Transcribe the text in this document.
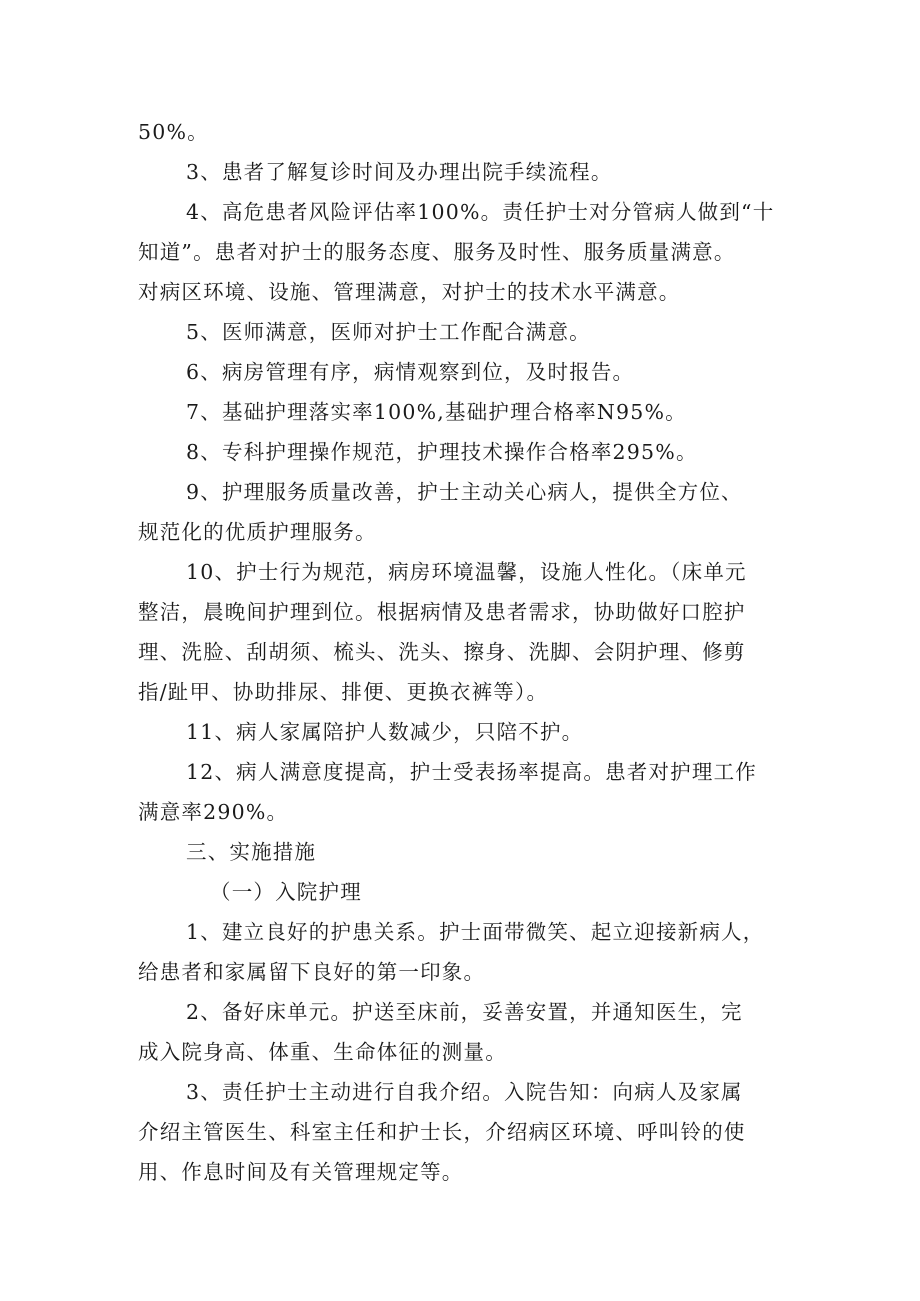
50%。
3、患者了解复诊时间及办理出院手续流程。
4、高危患者风险评估率100%。责任护士对分管病人做到“十
知道”。患者对护士的服务态度、服务及时性、服务质量满意。
对病区环境、设施、管理满意，对护士的技术水平满意。
5、医师满意，医师对护士工作配合满意。
6、病房管理有序，病情观察到位，及时报告。
7、基础护理落实率100%,基础护理合格率N95%。
8、专科护理操作规范，护理技术操作合格率295%。
9、护理服务质量改善，护士主动关心病人，提供全方位、
规范化的优质护理服务。
10、护士行为规范，病房环境温馨，设施人性化。（床单元
整洁，晨晚间护理到位。根据病情及患者需求，协助做好口腔护
理、洗脸、刮胡须、梳头、洗头、擦身、洗脚、会阴护理、修剪
指/趾甲、协助排尿、排便、更换衣裤等）。
11、病人家属陪护人数减少，只陪不护。
12、病人满意度提高，护士受表扬率提高。患者对护理工作
满意率290%。
三、实施措施
（一）入院护理
1、建立良好的护患关系。护士面带微笑、起立迎接新病人，
给患者和家属留下良好的第一印象。
2、备好床单元。护送至床前，妥善安置，并通知医生，完
成入院身高、体重、生命体征的测量。
3、责任护士主动进行自我介绍。入院告知：向病人及家属
介绍主管医生、科室主任和护士长，介绍病区环境、呼叫铃的使
用、作息时间及有关管理规定等。
